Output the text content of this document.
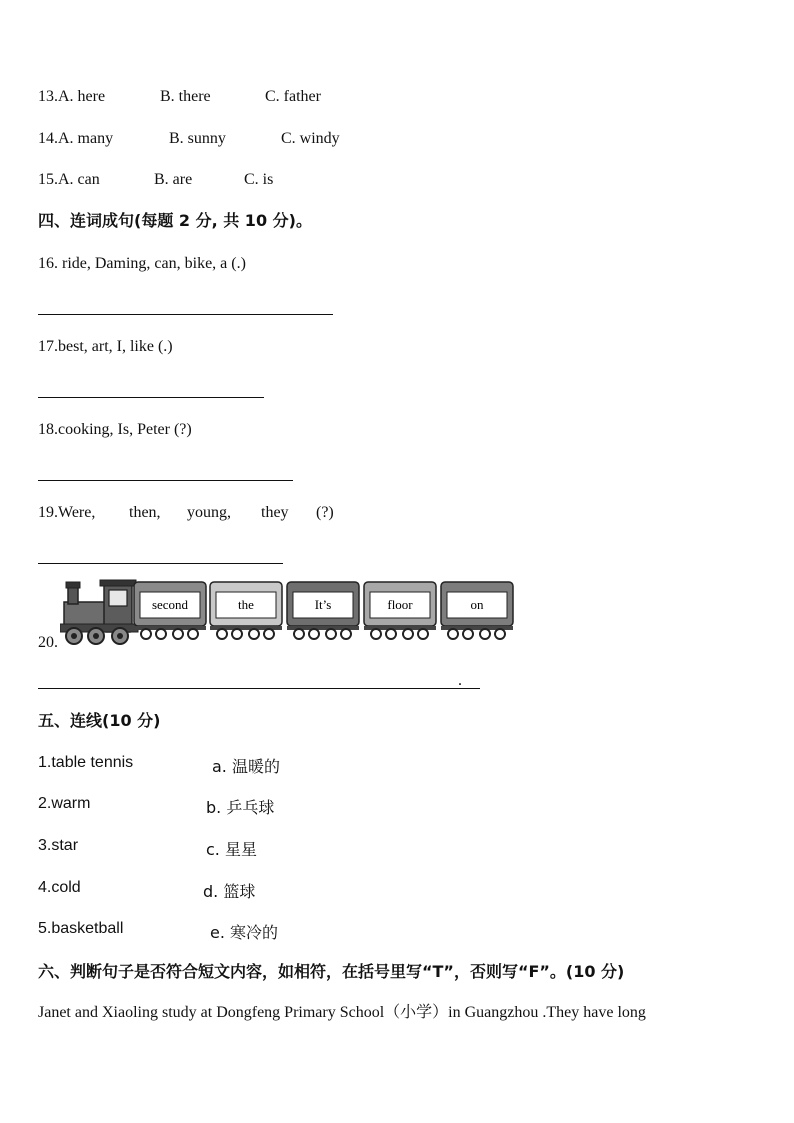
13.A. here	B. there	C. father
14.A. many	B. sunny	C. windy
15.A. can	B. are	C. is
四、连词成句(每题 2 分, 共 10 分)。
16. ride, Daming, can, bike, a (.)
17.best, art, I, like (.)
18.cooking, Is, Peter (?)
19.Were, then, young, they (?)
20.
second	the	It’s	floor	on
.
五、连线(10 分)
1.table tennis	a. 温暖的
2.warm	b. 乒乓球
3.star	c. 星星
4.cold	d. 篮球
5.basketball	e. 寒冷的
六、判断句子是否符合短文内容，如相符，在括号里写“T”，否则写“F”。(10 分)
Janet and Xiaoling study at Dongfeng Primary School（小学）in Guangzhou .They have long
